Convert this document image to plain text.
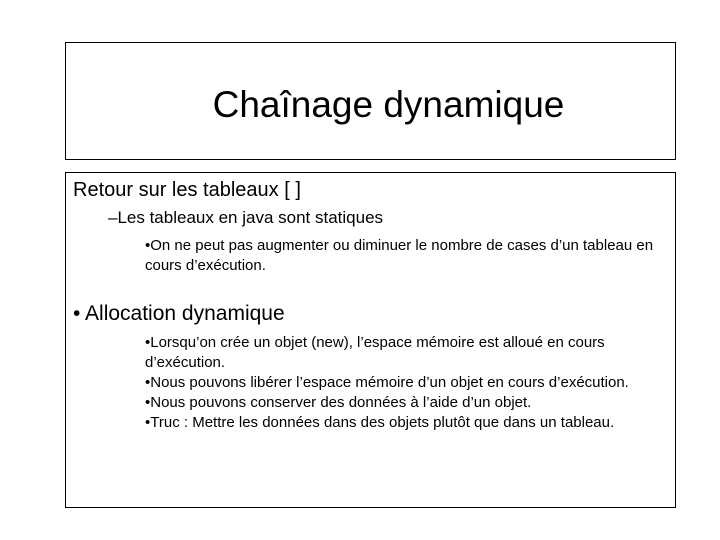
Chaînage dynamique
Retour sur les tableaux [ ]
–Les tableaux en java sont statiques

•On ne peut pas augmenter ou diminuer le nombre de cases d’un tableau en cours d’exécution.

• Allocation dynamique

•Lorsqu’on crée un objet (new), l’espace mémoire est alloué en cours d’exécution.

•Nous pouvons libérer l’espace mémoire d’un objet en cours d’exécution.

•Nous pouvons conserver des données à l’aide d’un objet.

•Truc : Mettre les données dans des objets plutôt que dans un tableau.
